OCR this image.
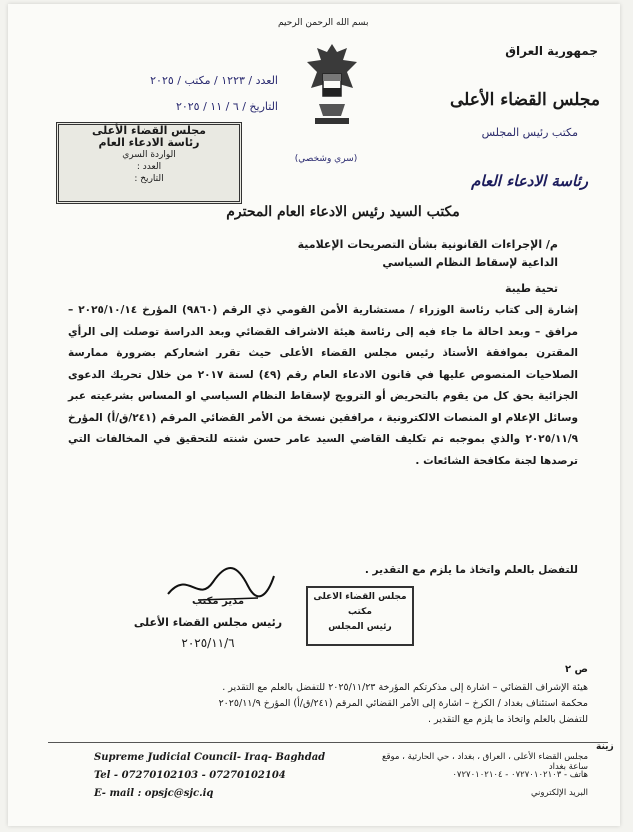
بسم الله الرحمن الرحيم
جمهورية العراق
مجلس القضاء الأعلى
مكتب رئيس المجلس
العدد / ١٢٢٣ / مكتب / ٢٠٢٥
التاريخ / ٦ / ١١ / ٢٠٢٥
مجلس القضاء الأعلى
رئاسة الادعاء العام
الواردة السري
العدد :
التاريخ :
(سري وشخصي)
رئاسة الادعاء العام
مكتب السيد رئيس الادعاء العام المحترم
م/ الإجراءات القانونية بشأن التصريحات الإعلامية
الداعية لإسقاط النظام السياسي
تحية طيبة
إشارة إلى كتاب رئاسة الوزراء / مستشارية الأمن القومي ذي الرقم (٩٨٦٠) المؤرخ ٢٠٢٥/١٠/١٤ – مرافق – وبعد احالة ما جاء فيه إلى رئاسة هيئة الاشراف القضائي وبعد الدراسة توصلت إلى الرأي المقترن بموافقة الأستاذ رئيس مجلس القضاء الأعلى حيث تقرر اشعاركم بضرورة ممارسة الصلاحيات المنصوص عليها في قانون الادعاء العام رقم (٤٩) لسنة ٢٠١٧ من خلال تحريك الدعوى الجزائية بحق كل من يقوم بالتحريض أو الترويج لإسقاط النظام السياسي او المساس بشرعيته عبر وسائل الإعلام او المنصات الالكترونية ، مرافقين نسخة من الأمر القضائي المرقم (٢٤١/ق/أ) المؤرخ ٢٠٢٥/١١/٩ والذي بموجبه تم تكليف القاضي السيد عامر حسن شنته للتحقيق في المخالفات التي ترصدها لجنة مكافحة الشائعات .
للتفضل بالعلم واتخاذ ما يلزم مع التقدير .
مجلس القضاء الاعلى
مكتب
رئيس المجلس
مدير مكتب
رئيس مجلس القضاء الأعلى
٢٠٢٥/١١/٦
ص ٢
هيئة الإشراف القضائي – اشارة إلى مذكرتكم المؤرخة ٢٠٢٥/١١/٢٣ للتفضل بالعلم مع التقدير .
محكمة استئناف بغداد / الكرخ – اشارة إلى الأمر القضائي المرقم (٢٤١/ق/أ) المؤرخ ٢٠٢٥/١١/٩
للتفضل بالعلم واتخاذ ما يلزم مع التقدير .
زينة
Supreme Judicial Council- Iraq- Baghdad
Tel - 07270102103 - 07270102104
E- mail : opsjc@sjc.iq
مجلس القضاء الأعلى ، العراق ، بغداد ، حي الحارثية ، موقع ساعة بغداد
هاتف - ٠٧٢٧٠١٠٢١٠٣ - ٠٧٢٧٠١٠٢١٠٤
البريد الإلكتروني
